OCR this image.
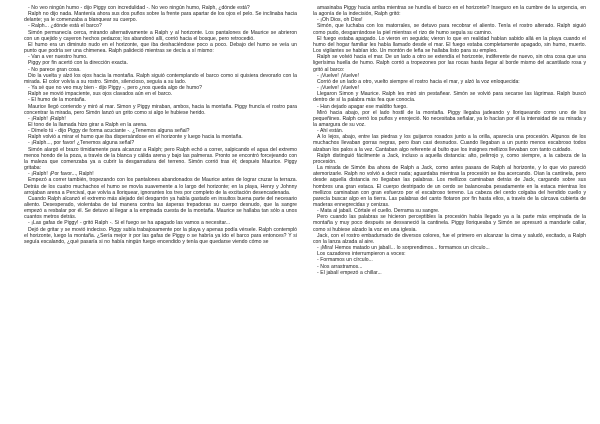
- No veo ningún humo - dijo Piggy con incredulidad -. No veo ningún humo, Ralph, ¿dónde está?

Ralph no dijo nada. Mantenía ahora sus dos puños sobre la frente para apartar de los ojos el pelo. Se inclinaba hacia delante; ya le comenzaba a blanquear su cuerpo.

- Ralph... ¿dónde está el barco?

Simón permanecía cerca, mirando alternativamente a Ralph y al horizonte. Los pantalones de Maurice se abrieron con un quejido y cayeron hechos pedazos; los abandonó allí, corrió hacia el bosque, pero retrocedió.

El humo era un diminuto nudo en el horizonte, que iba deshaciéndose poco a poco. Debajo del humo se veía un punto que podría ser una chimenea. Ralph palideció mientras se decía a sí mismo:

- Van a ver nuestro humo.

Piggy por fin acertó con la dirección exacta.

- No parece gran cosa.

Dio la vuelta y alzó los ojos hacia la montaña. Ralph siguió contemplando el barco como si quisiera devorarlo con la mirada. El color volvía a su rostro. Simón, silencioso, seguía a su lado.

- Ya sé que no veo muy bien - dijo Piggy -, pero ¿nos queda algo de humo?

Ralph se movió impaciente, sus ojos clavados aún en el barco.

- El humo de la montaña.

Maurice llegó corriendo y miró al mar. Simon y Piggy miraban, ambos, hacia la montaña. Piggy fruncía el rostro para concentrar la mirada, pero Simón lanzó un grito como si algo le hubiese herido.

- ¡Ralph! ¡Ralph!

El tono de la llamada hizo girar a Ralph en la arena.

- Dímelo tú - dijo Piggy de forma acuciante -. ¿Tenemos alguna señal?

Ralph volvió a mirar el humo que iba dispersándose en el horizonte y luego hacia la montaña.

- ¡Ralph..., por favor! ¿Tenemos alguna señal?

Simón alargó el brazo tímidamente para alcanzar a Ralph; pero Ralph echó a correr, salpicando el agua del extremo menos hondo de la poza, a través de la blanca y cálida arena y bajo las palmeras. Pronto se encontró forcejeando con la maleza que comenzaba ya a cubrir la desgarradura del terreno. Simón corrió tras él; después Maurice. Piggy gritaba:

- ¡Ralph! ¡Por favor..., Ralph!

Empezó a correr también, tropezando con los pantalones abandonados de Maurice antes de lograr cruzar la terraza. Detrás de los cuatro muchachos el humo se movía suavemente a lo largo del horizonte; en la playa, Henry y Johnny arrojaban arena a Percival, que volvía a lloriquear, ignorantes los tres por completo de la excitación desencadenada.

Cuando Ralph alcanzó el extremo más alejado del desgarrón ya había gastado en insultos buena parte del necesario aliento. Desesperado, violentaba de tal manera contra las ásperas trepadoras su cuerpo desnudo, que la sangre empezó a resbalar por él. Se detuvo al llegar a la empinada cuesta de la montaña. Maurice se hallaba tan sólo a unos cuantos metros detrás.

- ¡Las gafas de Piggy! - gritó Ralph -. Si el fuego se ha apagado las vamos a necesitar...

Dejó de gritar y se movió indeciso. Piggy subía trabajosamente por la playa y apenas podía vérsele. Ralph contempló el horizonte, luego la montaña. ¿Sería mejor ir por las gafas de Piggy o se habría ya ido el barco para entonces? Y si seguía escalando, ¿qué pasaría si no había ningún fuego encendido y tenía que quedarse viendo cómo se

amasinaba Piggy hacia arriba mientras se hundía el barco en el horizonte? Inseguro en la cumbre de la urgencia, en la agonía de la indecisión, Ralph gritó:

- ¡Oh Dios, oh Dios!

Simón, que luchaba con los matorrales, se detuvo para recobrar el aliento. Tenía el rostro alterado. Ralph siguió como pudo, desgarrándose la piel mientras el rizo de humo seguía su camino.

El fuego estaba apagado. Lo vieron en seguida; vieron lo que en realidad habían sabido allá en la playa cuando el humo del hogar familiar les había llamado desde el mar. El fuego estaba completamente apagado, sin humo, muerto. Los vigilantes se habían ido. Un montón de leña se hallaba listo para su empleo.

Ralph se volvió hacia el mar. De un lado a otro se extendía el horizonte, indiferente de nuevo, sin otra cosa que una ligerísima huella de humo. Ralph corrió a tropezones por las rocas hasta llegar al borde mismo del acantilado rosa y gritó al barco:

- ¡Vuelve! ¡Vuelve!

Corrió de un lado a otro, vuelto siempre el rostro hacia el mar, y alzó la voz enloquecida:

- ¡Vuelve! ¡Vuelve!

Llegaron Simon y Maurice. Ralph les miró sin pestañear. Simón se volvió para secarse las lágrimas. Ralph buscó dentro de sí la palabra más fea que conocía.

- Han dejado apagar ese maldito fuego.

Miró hacia abajo, por el lado hostil de la montaña. Piggy llegaba jadeando y lloriqueando como uno de los pequeñines. Ralph cerró los puños y enrojeció. No necesitaba señalar, ya lo hacían por él la intensidad de su mirada y la amargura de su voz.

- Ahí están.

A lo lejos, abajo, entre las piedras y los guijarros rosados junto a la orilla, aparecía una procesión. Algunos de los muchachos llevaban gorras negras, pero iban casi desnudos. Cuando llegaban a un punto menos escabroso todos alzaban los palos a la vez. Cantaban algo referente al bulto que los insignes mellizos llevaban con tanto cuidado.

Ralph distinguió fácilmente a Jack, incluso a aquella distancia: alto, pelirrojo y, como siempre, a la cabeza de la procesión.

La mirada de Simón iba ahora de Ralph a Jack, como antes pasara de Ralph al horizonte, y lo que vio pareció atemorizarle. Ralph no volvió a decir nada; aguardaba mientras la procesión se iba acercando. Oían la cantinela, pero desde aquella distancia no llegaban las palabras. Los mellizos caminaban detrás de Jack, cargando sobre sus hombros una gran estaca. El cuerpo destripado de un cerdo se balanceaba pesadamente en la estaca mientras los mellizos caminaban con gran esfuerzo por el escabroso terreno. La cabeza del cerdo colgaba del hendido cuello y parecía buscar algo en la tierra. Las palabras del canto flotaron por fin hasta ellos, a través de la cárcava cubierta de maderas ennegrecidas y cenizas.

- Mata al jabalí. Córtale el cuello. Derrama su sangre.

Pero cuando las palabras se hicieron perceptibles la procesión había llegado ya a la parte más empinada de la montaña y muy poco después se desvaneció la cantinela. Piggy lloriqueaba y Simón se apresuró a mandarle callar, como si hubiese alzado la voz en una iglesia.

Jack, con el rostro embadurnado de diversos colores, fue el primero en alcanzar la cima y saludó, excitado, a Ralph con la lanza alzada al aire.

- ¡Mira! Hemos matado un jabalí... lo sorprendimos... formamos un círculo...

Los cazadores interrumpieron a voces:

- Formamos un círculo...

- Nos arrastramos...

- El jabalí empezó a chillar...
